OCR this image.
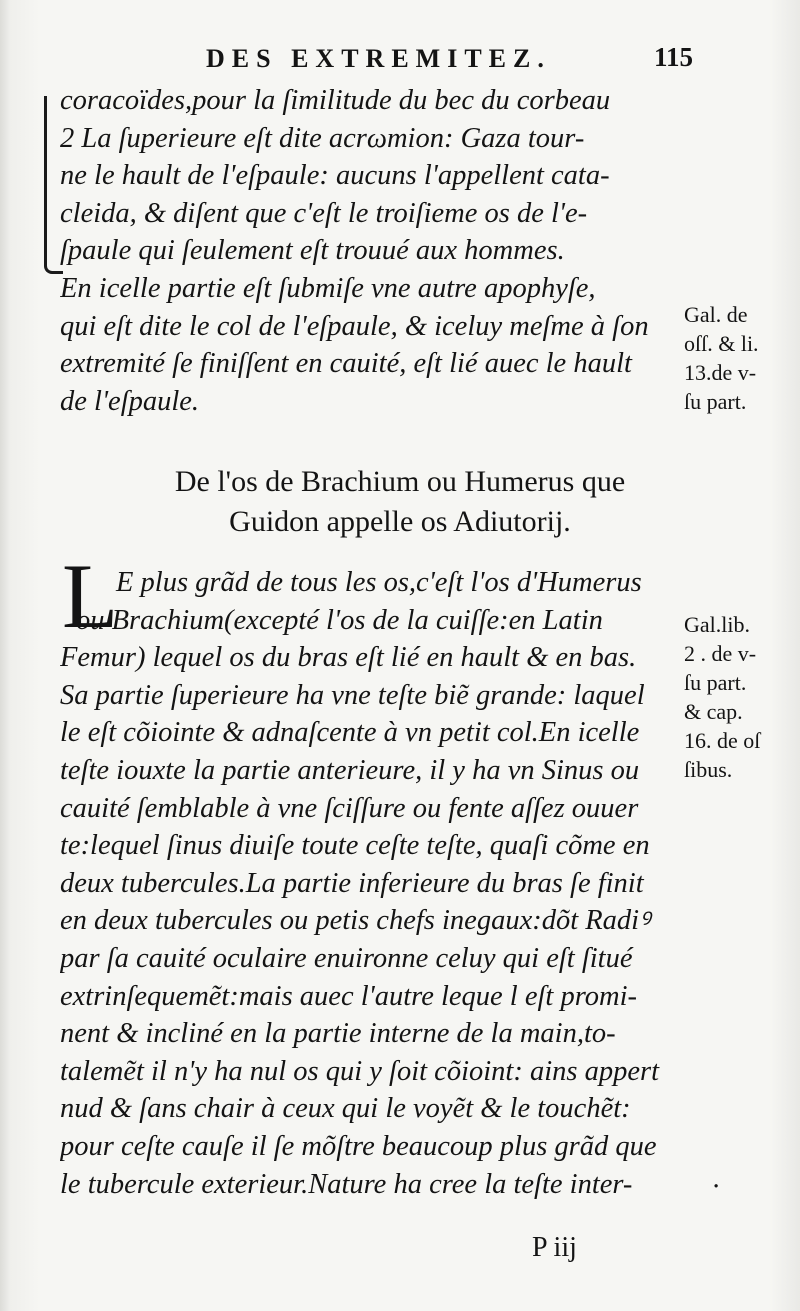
DES EXTREMITEZ.	115
coracoïdes,pour la ſimilitude du bec du corbeau
2 La ſuperieure eſt dite acrωmion: Gaza tour-
ne le hault de l'eſpaule: aucuns l'appellent cata-
cleida, & diſent que c'eſt le troiſieme os de l'e-
ſpaule qui ſeulement eſt trouué aux hommes.
En icelle partie eſt ſubmiſe vne autre apophyſe,
qui eſt dite le col de l'eſpaule, & iceluy meſme à ſon
extremité ſe finiſſent en cauité, eſt lié auec le hault
de l'eſpaule.
Gal. de
oſſ. & li.
13.de v-
ſu part.
De l'os de Brachium ou Humerus que
Guidon appelle os Adiutorij.
L
E plus grãd de tous les os,c'eſt l'os d'Humerus
ou Brachium(excepté l'os de la cuiſſe:en Latin
Femur) lequel os du bras eſt lié en hault & en bas.
Sa partie ſuperieure ha vne teſte biẽ grande: laquel
le eſt cõiointe & adnaſcente à vn petit col.En icelle
teſte iouxte la partie anterieure, il y ha vn Sinus ou
cauité ſemblable à vne ſciſſure ou fente aſſez ouuer
te:lequel ſinus diuiſe toute ceſte teſte, quaſi cõme en
deux tubercules.La partie inferieure du bras ſe finit
en deux tubercules ou petis chefs inegaux:dõt Radiꝰ
par ſa cauité oculaire enuironne celuy qui eſt ſitué
extrinſequemẽt:mais auec l'autre leque l eſt promi-
nent & incliné en la partie interne de la main,to-
talemẽt il n'y ha nul os qui y ſoit cõioint: ains appert
nud & ſans chair à ceux qui le voyẽt & le touchẽt:
pour ceſte cauſe il ſe mõſtre beaucoup plus grãd que
le tubercule exterieur.Nature ha cree la teſte inter-
Gal.lib.
2 . de v-
ſu part.
& cap.
16. de oſ
ſibus.
·
P iij
